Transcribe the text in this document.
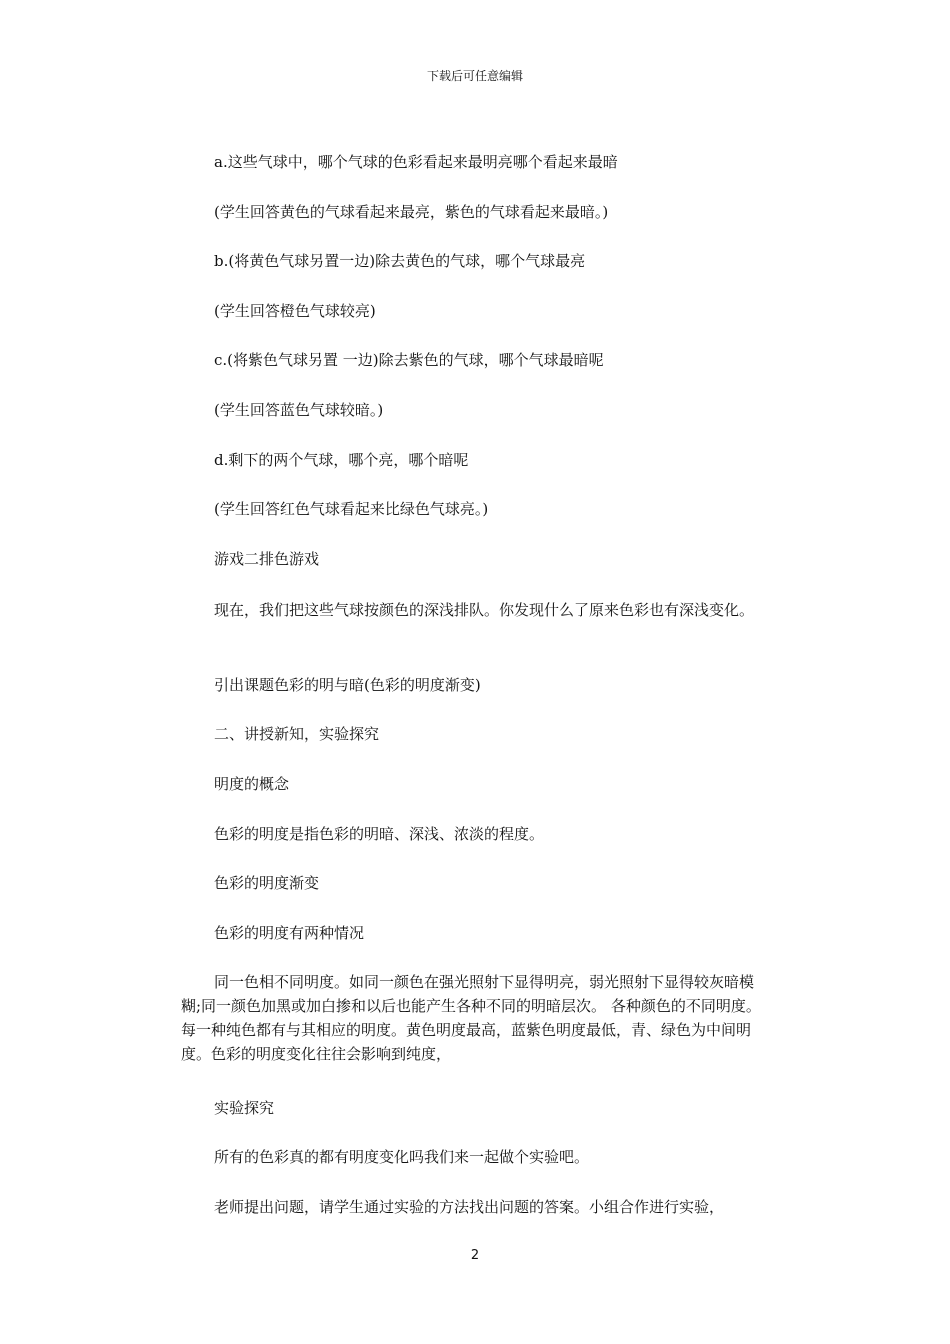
下载后可任意编辑

a.这些气球中，哪个气球的色彩看起来最明亮哪个看起来最暗

(学生回答黄色的气球看起来最亮，紫色的气球看起来最暗。)

b.(将黄色气球另置一边)除去黄色的气球，哪个气球最亮

(学生回答橙色气球较亮)

c.(将紫色气球另置 一边)除去紫色的气球，哪个气球最暗呢

(学生回答蓝色气球较暗。)

d.剩下的两个气球，哪个亮，哪个暗呢

(学生回答红色气球看起来比绿色气球亮。)

游戏二排色游戏

现在，我们把这些气球按颜色的深浅排队。你发现什么了原来色彩也有深浅变化。

引出课题色彩的明与暗(色彩的明度渐变)

二、讲授新知，实验探究

明度的概念

色彩的明度是指色彩的明暗、深浅、浓淡的程度。

色彩的明度渐变

色彩的明度有两种情况

同一色相不同明度。如同一颜色在强光照射下显得明亮，弱光照射下显得较灰暗模糊;同一颜色加黑或加白掺和以后也能产生各种不同的明暗层次。 各种颜色的不同明度。每一种纯色都有与其相应的明度。黄色明度最高，蓝紫色明度最低，青、绿色为中间明度。色彩的明度变化往往会影响到纯度，

实验探究

所有的色彩真的都有明度变化吗我们来一起做个实验吧。

老师提出问题，请学生通过实验的方法找出问题的答案。小组合作进行实验，

2
